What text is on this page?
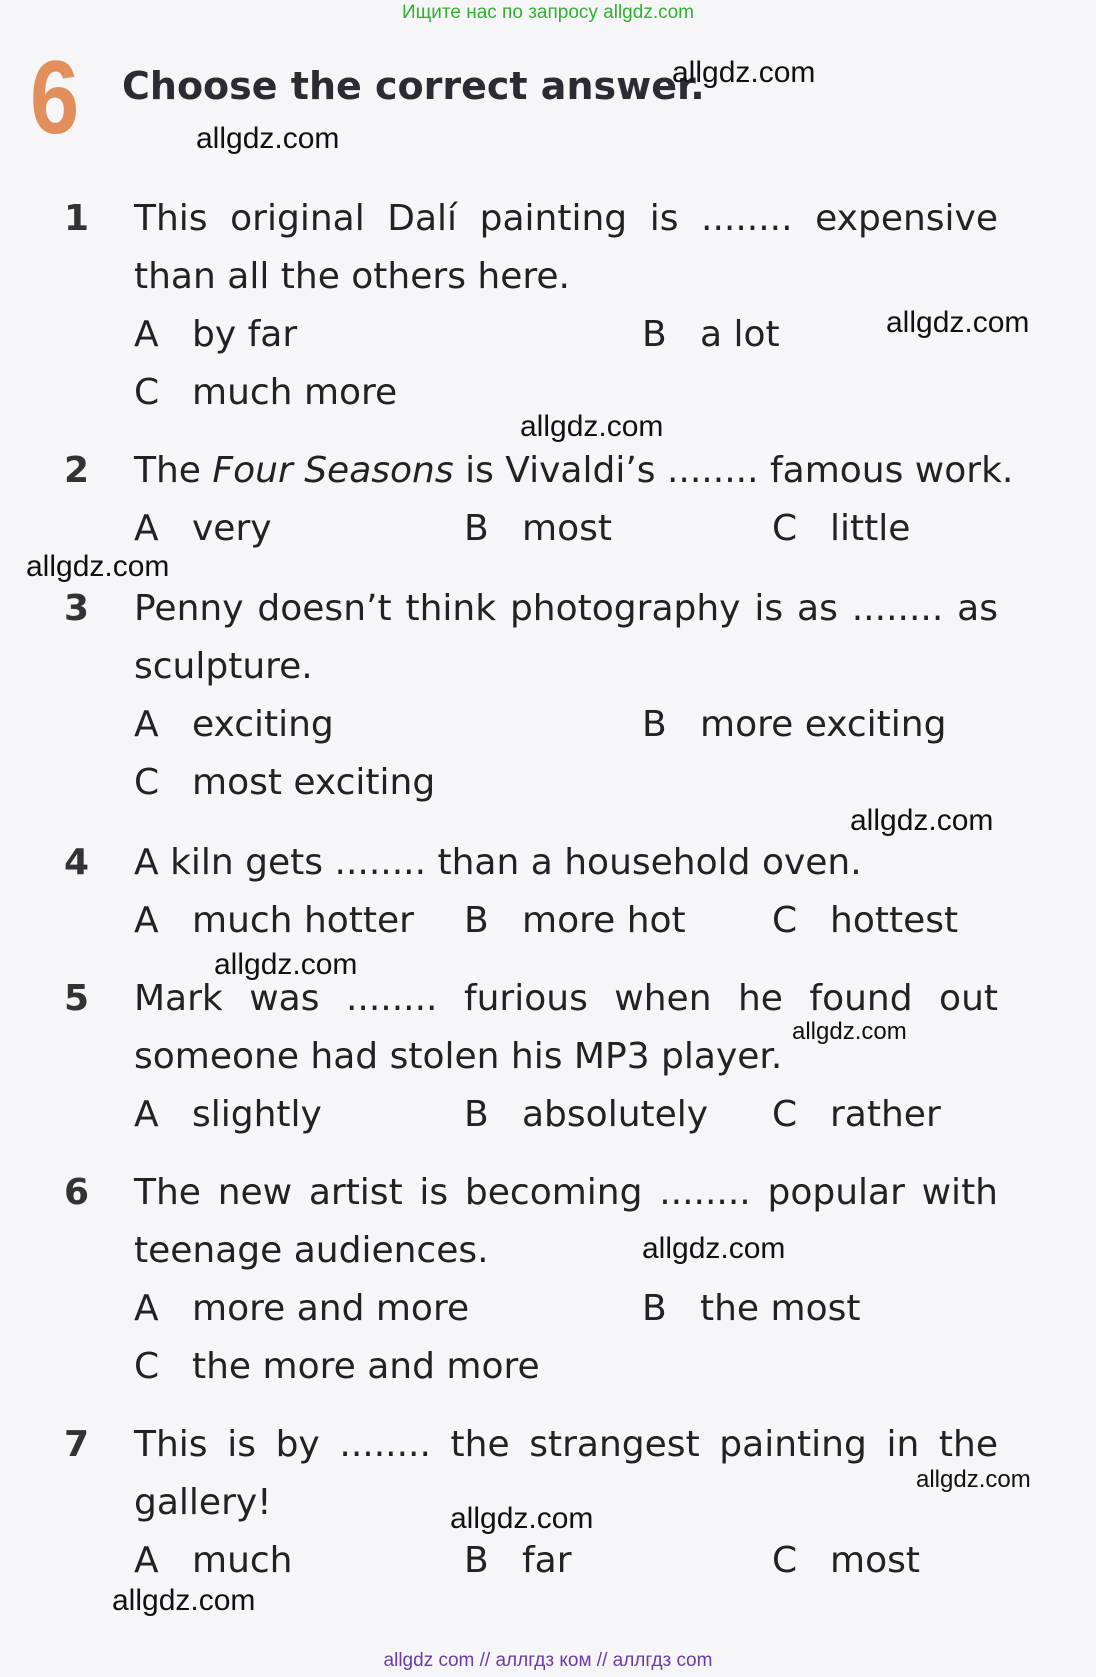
Ищите нас по запросу allgdz.com
6 Choose the correct answer.
allgdz.com
allgdz.com
allgdz.com
allgdz.com
allgdz.com
allgdz.com
allgdz.com
allgdz.com
allgdz.com
allgdz.com
allgdz.com
allgdz.com
1 This original Dalí painting is ........ expensive
than all the others here.
A by far	B a lot
C much more
2 The Four Seasons is Vivaldi’s ........ famous work.
A very	B most	C little
3 Penny doesn’t think photography is as ........ as
sculpture.
A exciting	B more exciting
C most exciting
4 A kiln gets ........ than a household oven.
A much hotter B more hot C hottest
5 Mark was ........ furious when he found out
someone had stolen his MP3 player.
A slightly	B absolutely C rather
6 The new artist is becoming ........ popular with
teenage audiences.
A more and more	B the most
C the more and more
7 This is by ........ the strangest painting in the
gallery!
A much	B far	C most
allgdz com // аллгдз ком // аллгдз com
